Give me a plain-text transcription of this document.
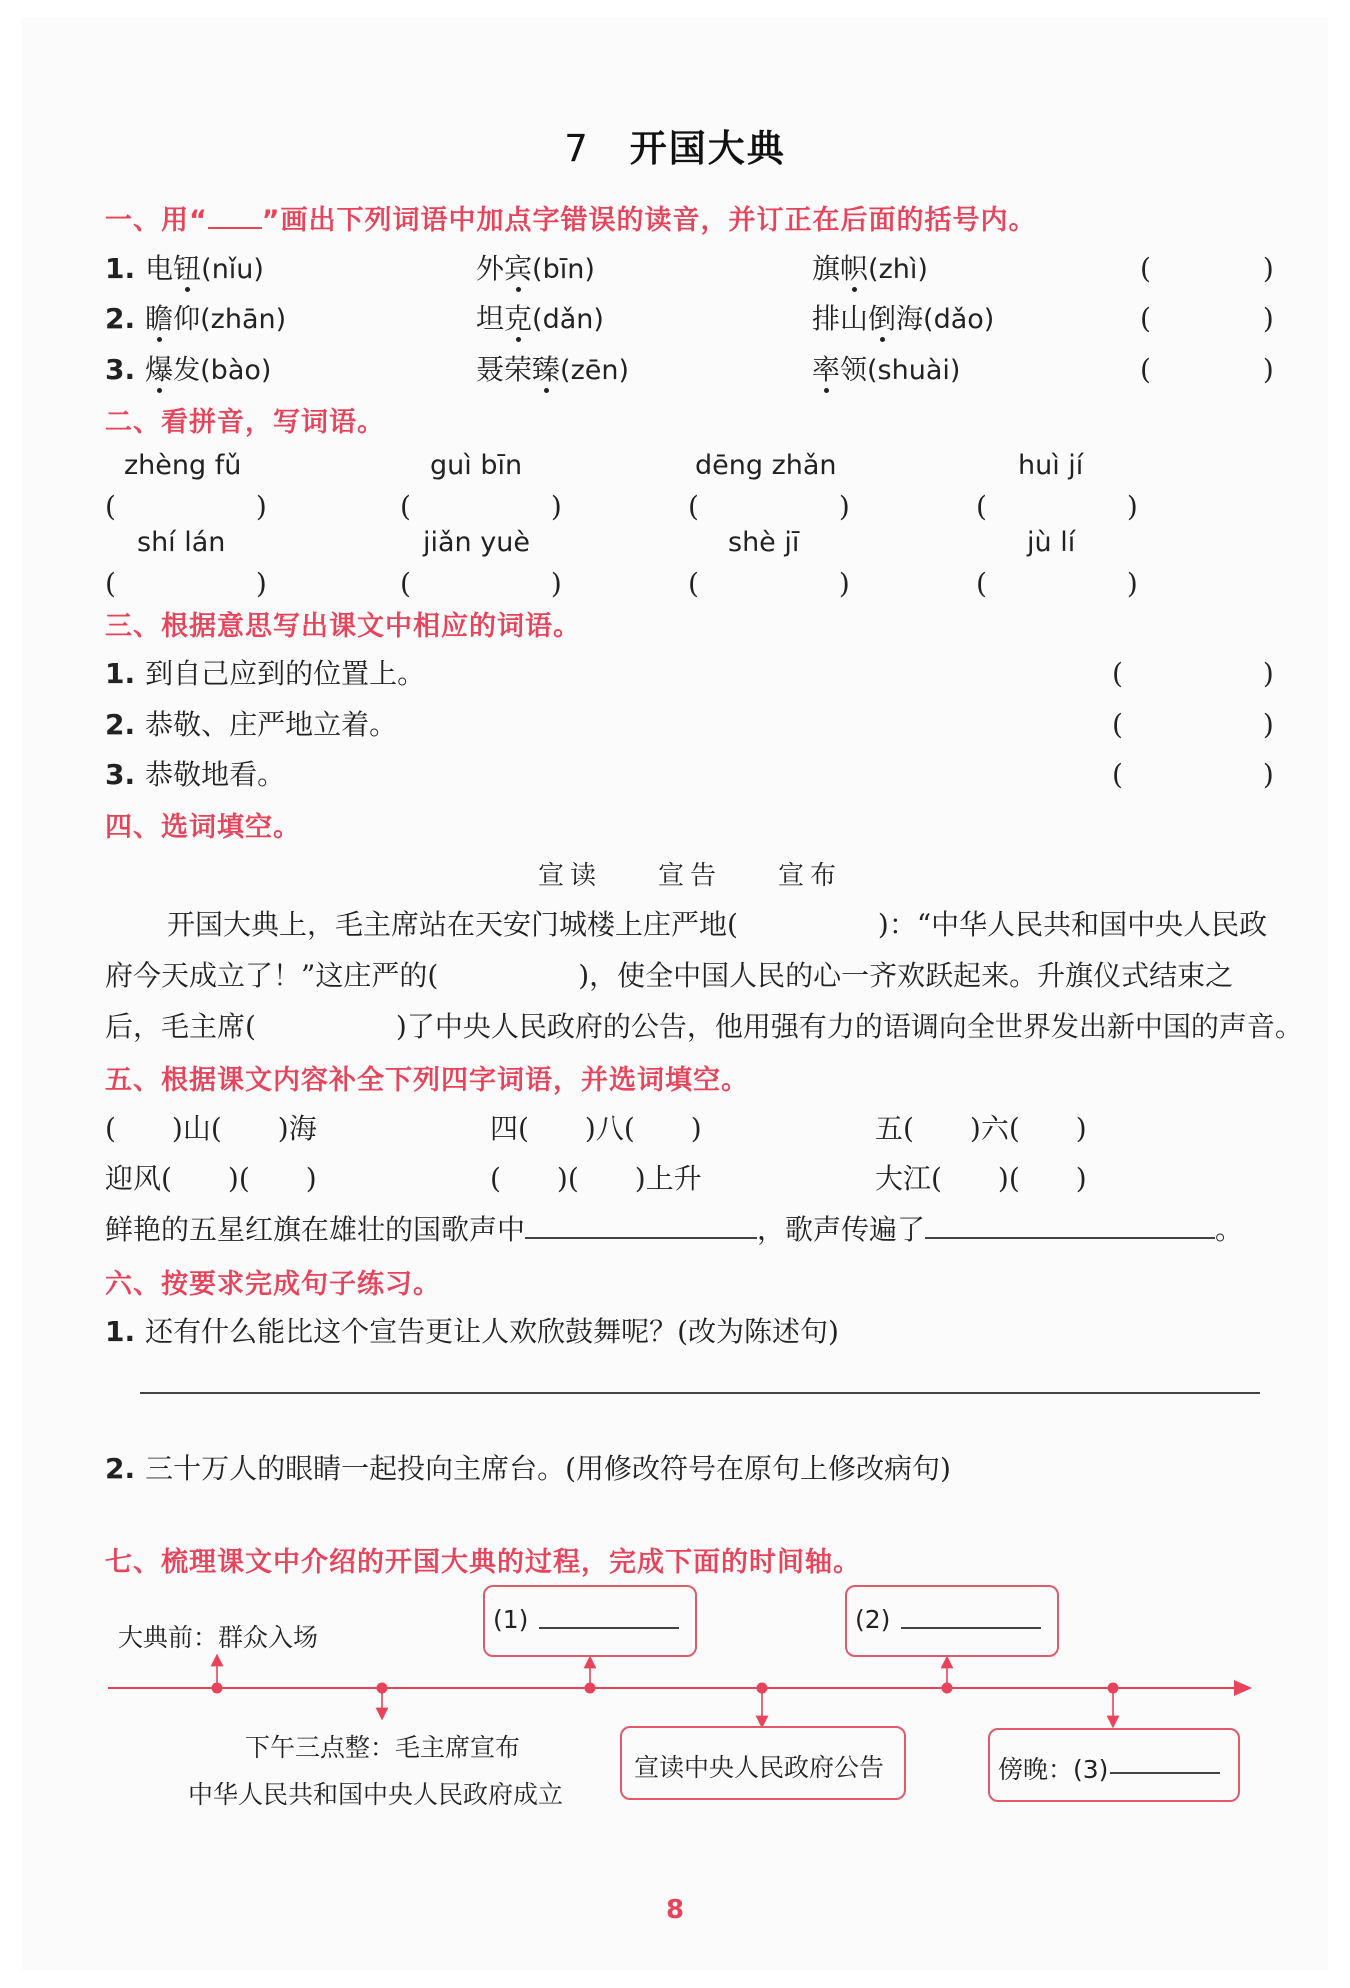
7 开国大典
一、用“ ”画出下列词语中加点字错误的读音，并订正在后面的括号内。
1. 电钮(nǐu)	外宾(bīn)	旗帜(zhì)	(　　　　)
2. 瞻仰(zhān)	坦克(dǎn)	排山倒海(dǎo)	(　　　　)
3. 爆发(bào)	聂荣臻(zēn)	率领(shuài)	(　　　　)
二、看拼音，写词语。
zhèng fǔ	guì bīn	dēng zhǎn	huì jí
(　　　　　)	(　　　　　)	(　　　　　)	(　　　　　)
shí lán	jiǎn yuè	shè jī	jù lí
(　　　　　)	(　　　　　)	(　　　　　)	(　　　　　)
三、根据意思写出课文中相应的词语。
1. 到自己应到的位置上。	(　　　　　)
2. 恭敬、庄严地立着。	(　　　　　)
3. 恭敬地看。	(　　　　　)
四、选词填空。
宣读 宣告 宣布
开国大典上，毛主席站在天安门城楼上庄严地(　　　　　)：“中华人民共和国中央人民政
府今天成立了！”这庄严的(　　　　　)，使全中国人民的心一齐欢跃起来。升旗仪式结束之
后，毛主席(　　　　　)了中央人民政府的公告，他用强有力的语调向全世界发出新中国的声音。
五、根据课文内容补全下列四字词语，并选词填空。
(　　)山(　　)海	四(　　)八(　　)	五(　　)六(　　)
迎风(　　)(　　)	(　　)(　　)上升	大江(　　)(　　)
鲜艳的五星红旗在雄壮的国歌声中	，歌声传遍了	。
六、按要求完成句子练习。
1. 还有什么能比这个宣告更让人欢欣鼓舞呢？(改为陈述句)
2. 三十万人的眼睛一起投向主席台。(用修改符号在原句上修改病句)
七、梳理课文中介绍的开国大典的过程，完成下面的时间轴。
大典前：群众入场
(1)	(2)
下午三点整：毛主席宣布
中华人民共和国中央人民政府成立
宣读中央人民政府公告	傍晚：(3)
8
